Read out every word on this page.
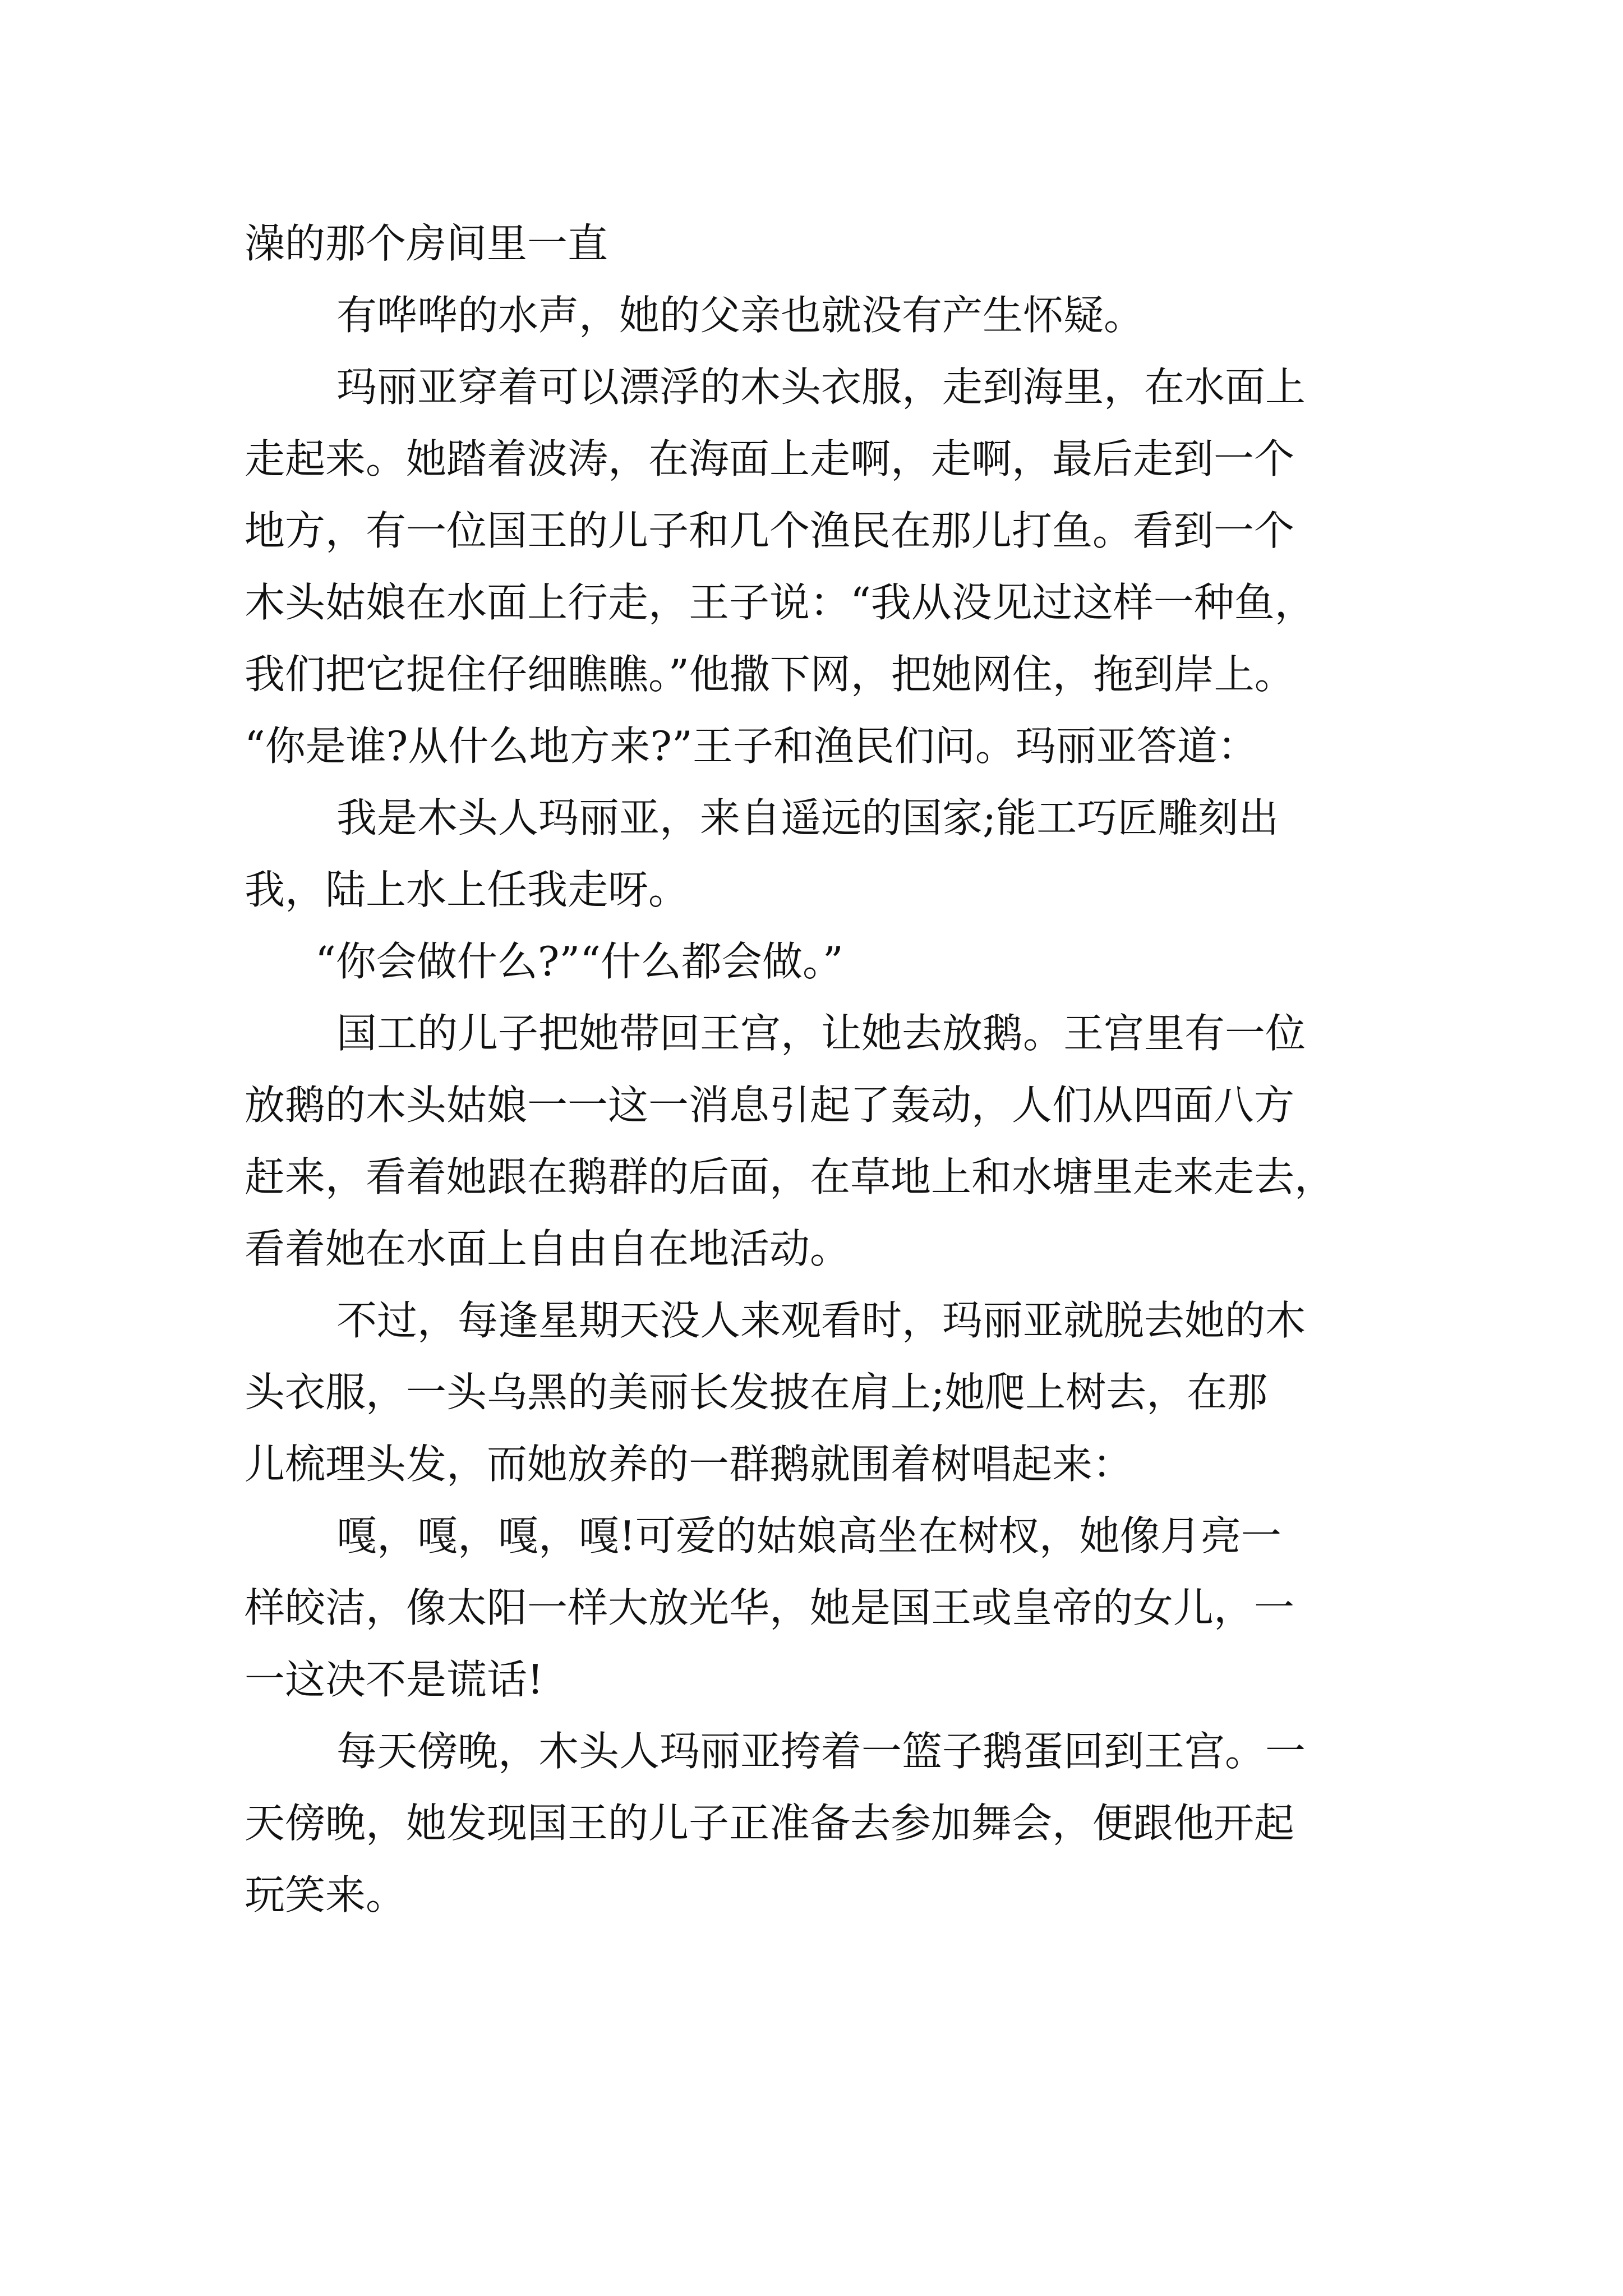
澡的那个房间里一直
有哗哗的水声，她的父亲也就没有产生怀疑。
玛丽亚穿着可以漂浮的木头衣服，走到海里，在水面上
走起来。她踏着波涛，在海面上走啊，走啊，最后走到一个
地方，有一位国王的儿子和几个渔民在那儿打鱼。看到一个
木头姑娘在水面上行走，王子说：“我从没见过这样一种鱼，
我们把它捉住仔细瞧瞧。”他撒下网，把她网住，拖到岸上。
“你是谁?从什么地方来?”王子和渔民们问。玛丽亚答道：
我是木头人玛丽亚，来自遥远的国家;能工巧匠雕刻出
我，陆上水上任我走呀。
“你会做什么?”“什么都会做。”
国工的儿子把她带回王宫，让她去放鹅。王宫里有一位
放鹅的木头姑娘一一这一消息引起了轰动，人们从四面八方
赶来，看着她跟在鹅群的后面，在草地上和水塘里走来走去，
看着她在水面上自由自在地活动。
不过，每逢星期天没人来观看时，玛丽亚就脱去她的木
头衣服，一头乌黑的美丽长发披在肩上;她爬上树去，在那
儿梳理头发，而她放养的一群鹅就围着树唱起来：
嘎，嘎，嘎，嘎!可爱的姑娘高坐在树杈，她像月亮一
样皎洁，像太阳一样大放光华，她是国王或皇帝的女儿，一
一这决不是谎话!
每天傍晚，木头人玛丽亚挎着一篮子鹅蛋回到王宫。一
天傍晚，她发现国王的儿子正准备去参加舞会，便跟他开起
玩笑来。
